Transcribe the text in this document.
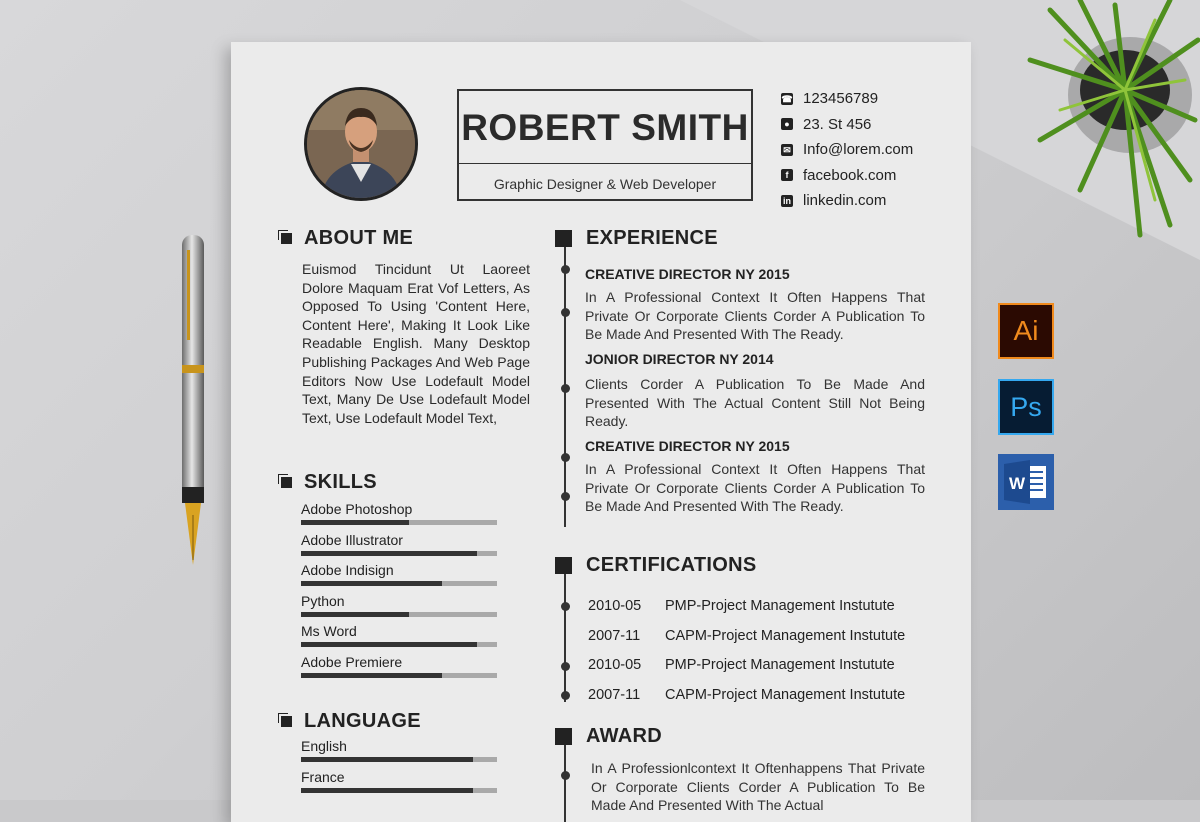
ROBERT SMITH
Graphic Designer & Web Developer
☎ 123456789
● 23. St 456
✉ Info@lorem.com
f facebook.com
in linkedin.com
ABOUT ME
Euismod Tincidunt Ut Laoreet Dolore Maquam Erat Vof Letters, As Opposed To Using 'Content Here, Content Here', Making It Look Like Readable English. Many Desktop Publishing Packages And Web Page Editors Now Use Lodefault Model Text, Many De Use Lodefault Model Text, Use Lodefault Model Text,
SKILLS
Adobe Photoshop
Adobe Illustrator
Adobe Indisign
Python
Ms Word
Adobe Premiere
LANGUAGE
English
France
EXPERIENCE
CREATIVE DIRECTOR NY 2015
In A Professional Context It Often Happens That Private Or Corporate Clients Corder A Publication To Be Made And Presented With The Ready.
JONIOR DIRECTOR NY 2014
Clients Corder A Publication To Be Made And Presented With The Actual Content Still Not Being Ready.
CREATIVE DIRECTOR NY 2015
In A Professional Context It Often Happens That Private Or Corporate Clients Corder A Publication To Be Made And Presented With The Ready.
CERTIFICATIONS
2010-05	PMP-Project Management Instutute
2007-11	CAPM-Project Management Instutute
2010-05	PMP-Project Management Instutute
2007-11	CAPM-Project Management Instutute
AWARD
In A Professionlcontext It Oftenhappens That Private Or Corporate Clients Corder A Publication To Be Made And Presented With The Actual
Ai
Ps
W
